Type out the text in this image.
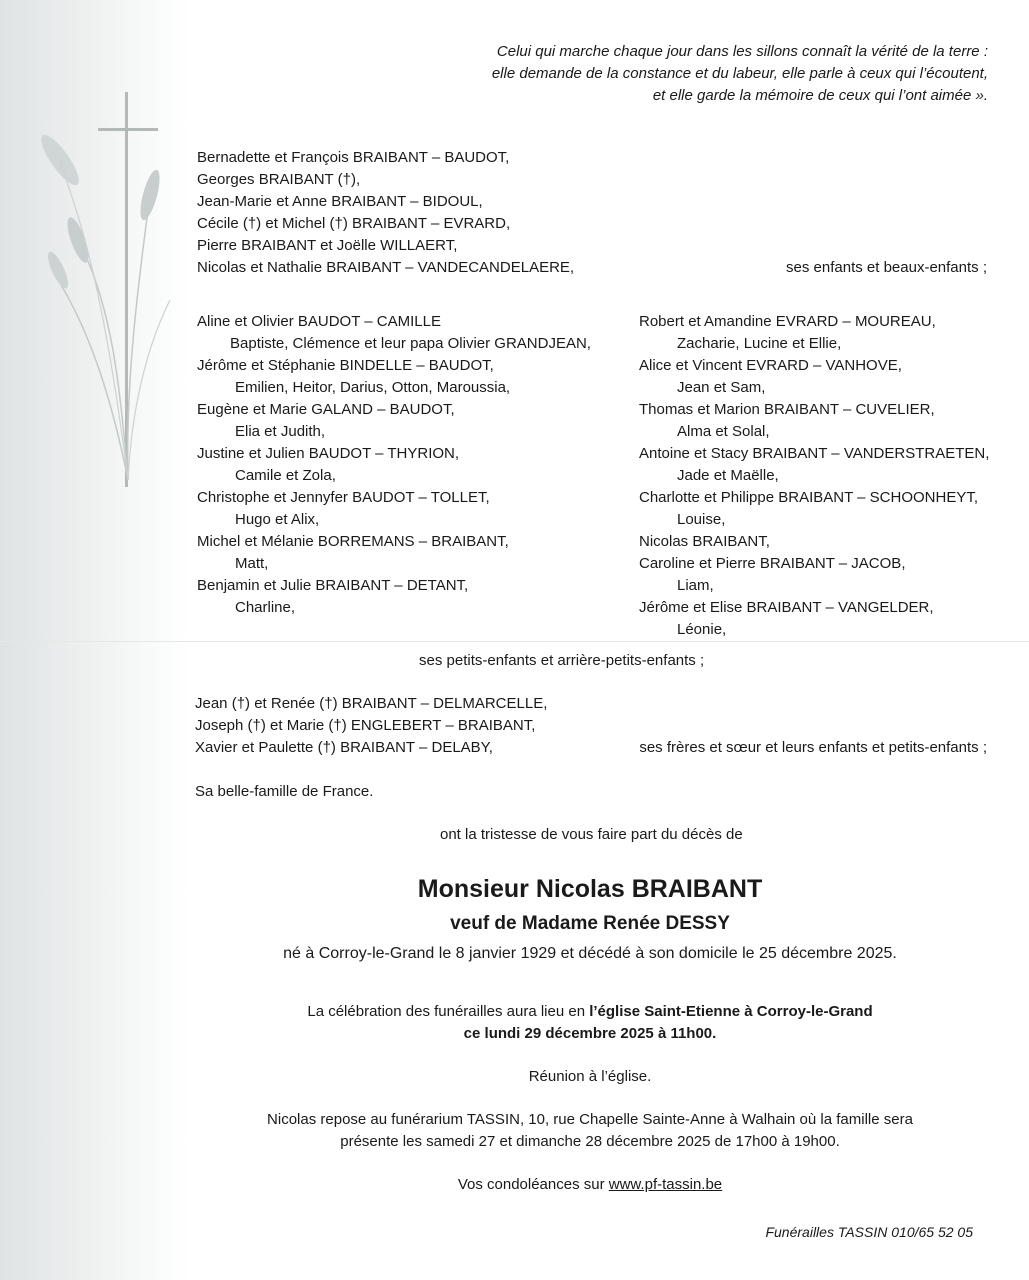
Celui qui marche chaque jour dans les sillons connaît la vérité de la terre :
elle demande de la constance et du labeur, elle parle à ceux qui l’écoutent,
et elle garde la mémoire de ceux qui l’ont aimée ».
Bernadette et François BRAIBANT – BAUDOT,
Georges BRAIBANT (†),
Jean-Marie et Anne BRAIBANT – BIDOUL,
Cécile (†) et Michel (†) BRAIBANT – EVRARD,
Pierre BRAIBANT et Joëlle WILLAERT,
Nicolas et Nathalie BRAIBANT – VANDECANDELAERE,	ses enfants et beaux-enfants ;
Aline et Olivier BAUDOT – CAMILLE
Baptiste, Clémence et leur papa Olivier GRANDJEAN,
Jérôme et Stéphanie BINDELLE – BAUDOT,
Emilien, Heitor, Darius, Otton, Maroussia,
Eugène et Marie GALAND – BAUDOT,
Elia et Judith,
Justine et Julien BAUDOT – THYRION,
Camile et Zola,
Christophe et Jennyfer BAUDOT – TOLLET,
Hugo et Alix,
Michel et Mélanie BORREMANS – BRAIBANT,
Matt,
Benjamin et Julie BRAIBANT – DETANT,
Charline,
Robert et Amandine EVRARD – MOUREAU,
Zacharie, Lucine et Ellie,
Alice et Vincent EVRARD – VANHOVE,
Jean et Sam,
Thomas et Marion BRAIBANT – CUVELIER,
Alma et Solal,
Antoine et Stacy BRAIBANT – VANDERSTRAETEN,
Jade et Maëlle,
Charlotte et Philippe BRAIBANT – SCHOONHEYT,
Louise,
Nicolas BRAIBANT,
Caroline et Pierre BRAIBANT – JACOB,
Liam,
Jérôme et Elise BRAIBANT – VANGELDER,
Léonie,
ses petits-enfants et arrière-petits-enfants ;
Jean (†) et Renée (†) BRAIBANT – DELMARCELLE,
Joseph (†) et Marie (†) ENGLEBERT – BRAIBANT,
Xavier et Paulette (†) BRAIBANT – DELABY,	ses frères et sœur et leurs enfants et petits-enfants ;
Sa belle-famille de France.
ont la tristesse de vous faire part du décès de
Monsieur Nicolas BRAIBANT
veuf de Madame Renée DESSY
né à Corroy-le-Grand le 8 janvier 1929 et décédé à son domicile le 25 décembre 2025.
La célébration des funérailles aura lieu en l’église Saint-Etienne à Corroy-le-Grand
ce lundi 29 décembre 2025 à 11h00.
Réunion à l’église.
Nicolas repose au funérarium TASSIN, 10, rue Chapelle Sainte-Anne à Walhain où la famille sera
présente les samedi 27 et dimanche 28 décembre 2025 de 17h00 à 19h00.
Vos condoléances sur www.pf-tassin.be
Funérailles TASSIN 010/65 52 05
